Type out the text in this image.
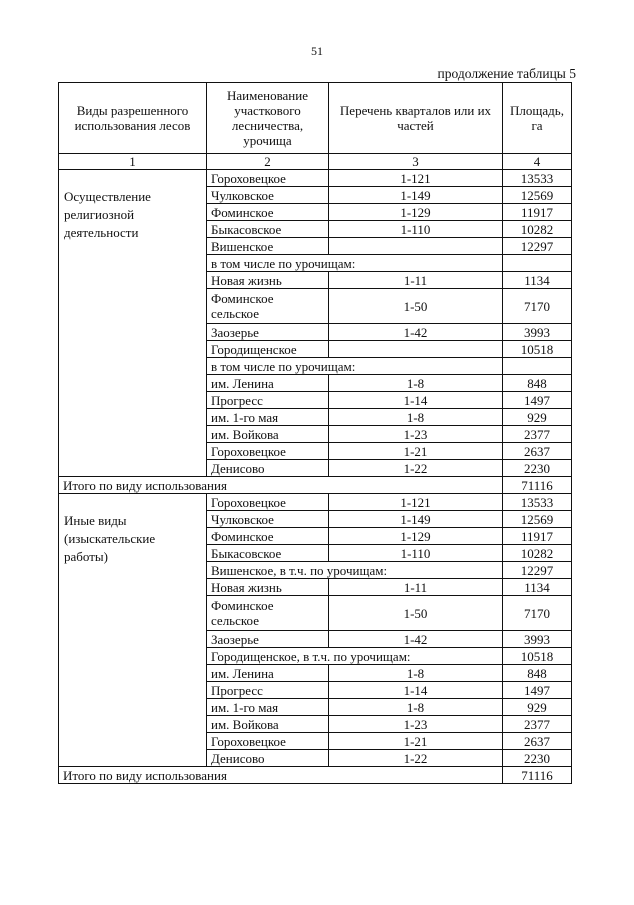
51
продолжение таблицы 5
Виды разрешенного использования лесов	Наименование участкового лесничества, урочища	Перечень кварталов или их частей	Площадь, га
1	2	3	4
Осуществление религиозной деятельности	Гороховецкое	1-121	13533
	Чулковское	1-149	12569
	Фоминское	1-129	11917
	Быкасовское	1-110	10282
	Вишенское		12297
	в том числе по урочищам:		
	Новая жизнь	1-11	1134
	Фоминское сельское	1-50	7170
	Заозерье	1-42	3993
	Городищенское		10518
	в том числе по урочищам:		
	им. Ленина	1-8	848
	Прогресс	1-14	1497
	им. 1-го мая	1-8	929
	им. Войкова	1-23	2377
	Гороховецкое	1-21	2637
	Денисово	1-22	2230
Итого по виду использования			71116
Иные виды (изыскательские работы)	Гороховецкое	1-121	13533
	Чулковское	1-149	12569
	Фоминское	1-129	11917
	Быкасовское	1-110	10282
	Вишенское, в т.ч. по урочищам:		12297
	Новая жизнь	1-11	1134
	Фоминское сельское	1-50	7170
	Заозерье	1-42	3993
	Городищенское, в т.ч. по урочищам:		10518
	им. Ленина	1-8	848
	Прогресс	1-14	1497
	им. 1-го мая	1-8	929
	им. Войкова	1-23	2377
	Гороховецкое	1-21	2637
	Денисово	1-22	2230
Итого по виду использования			71116
